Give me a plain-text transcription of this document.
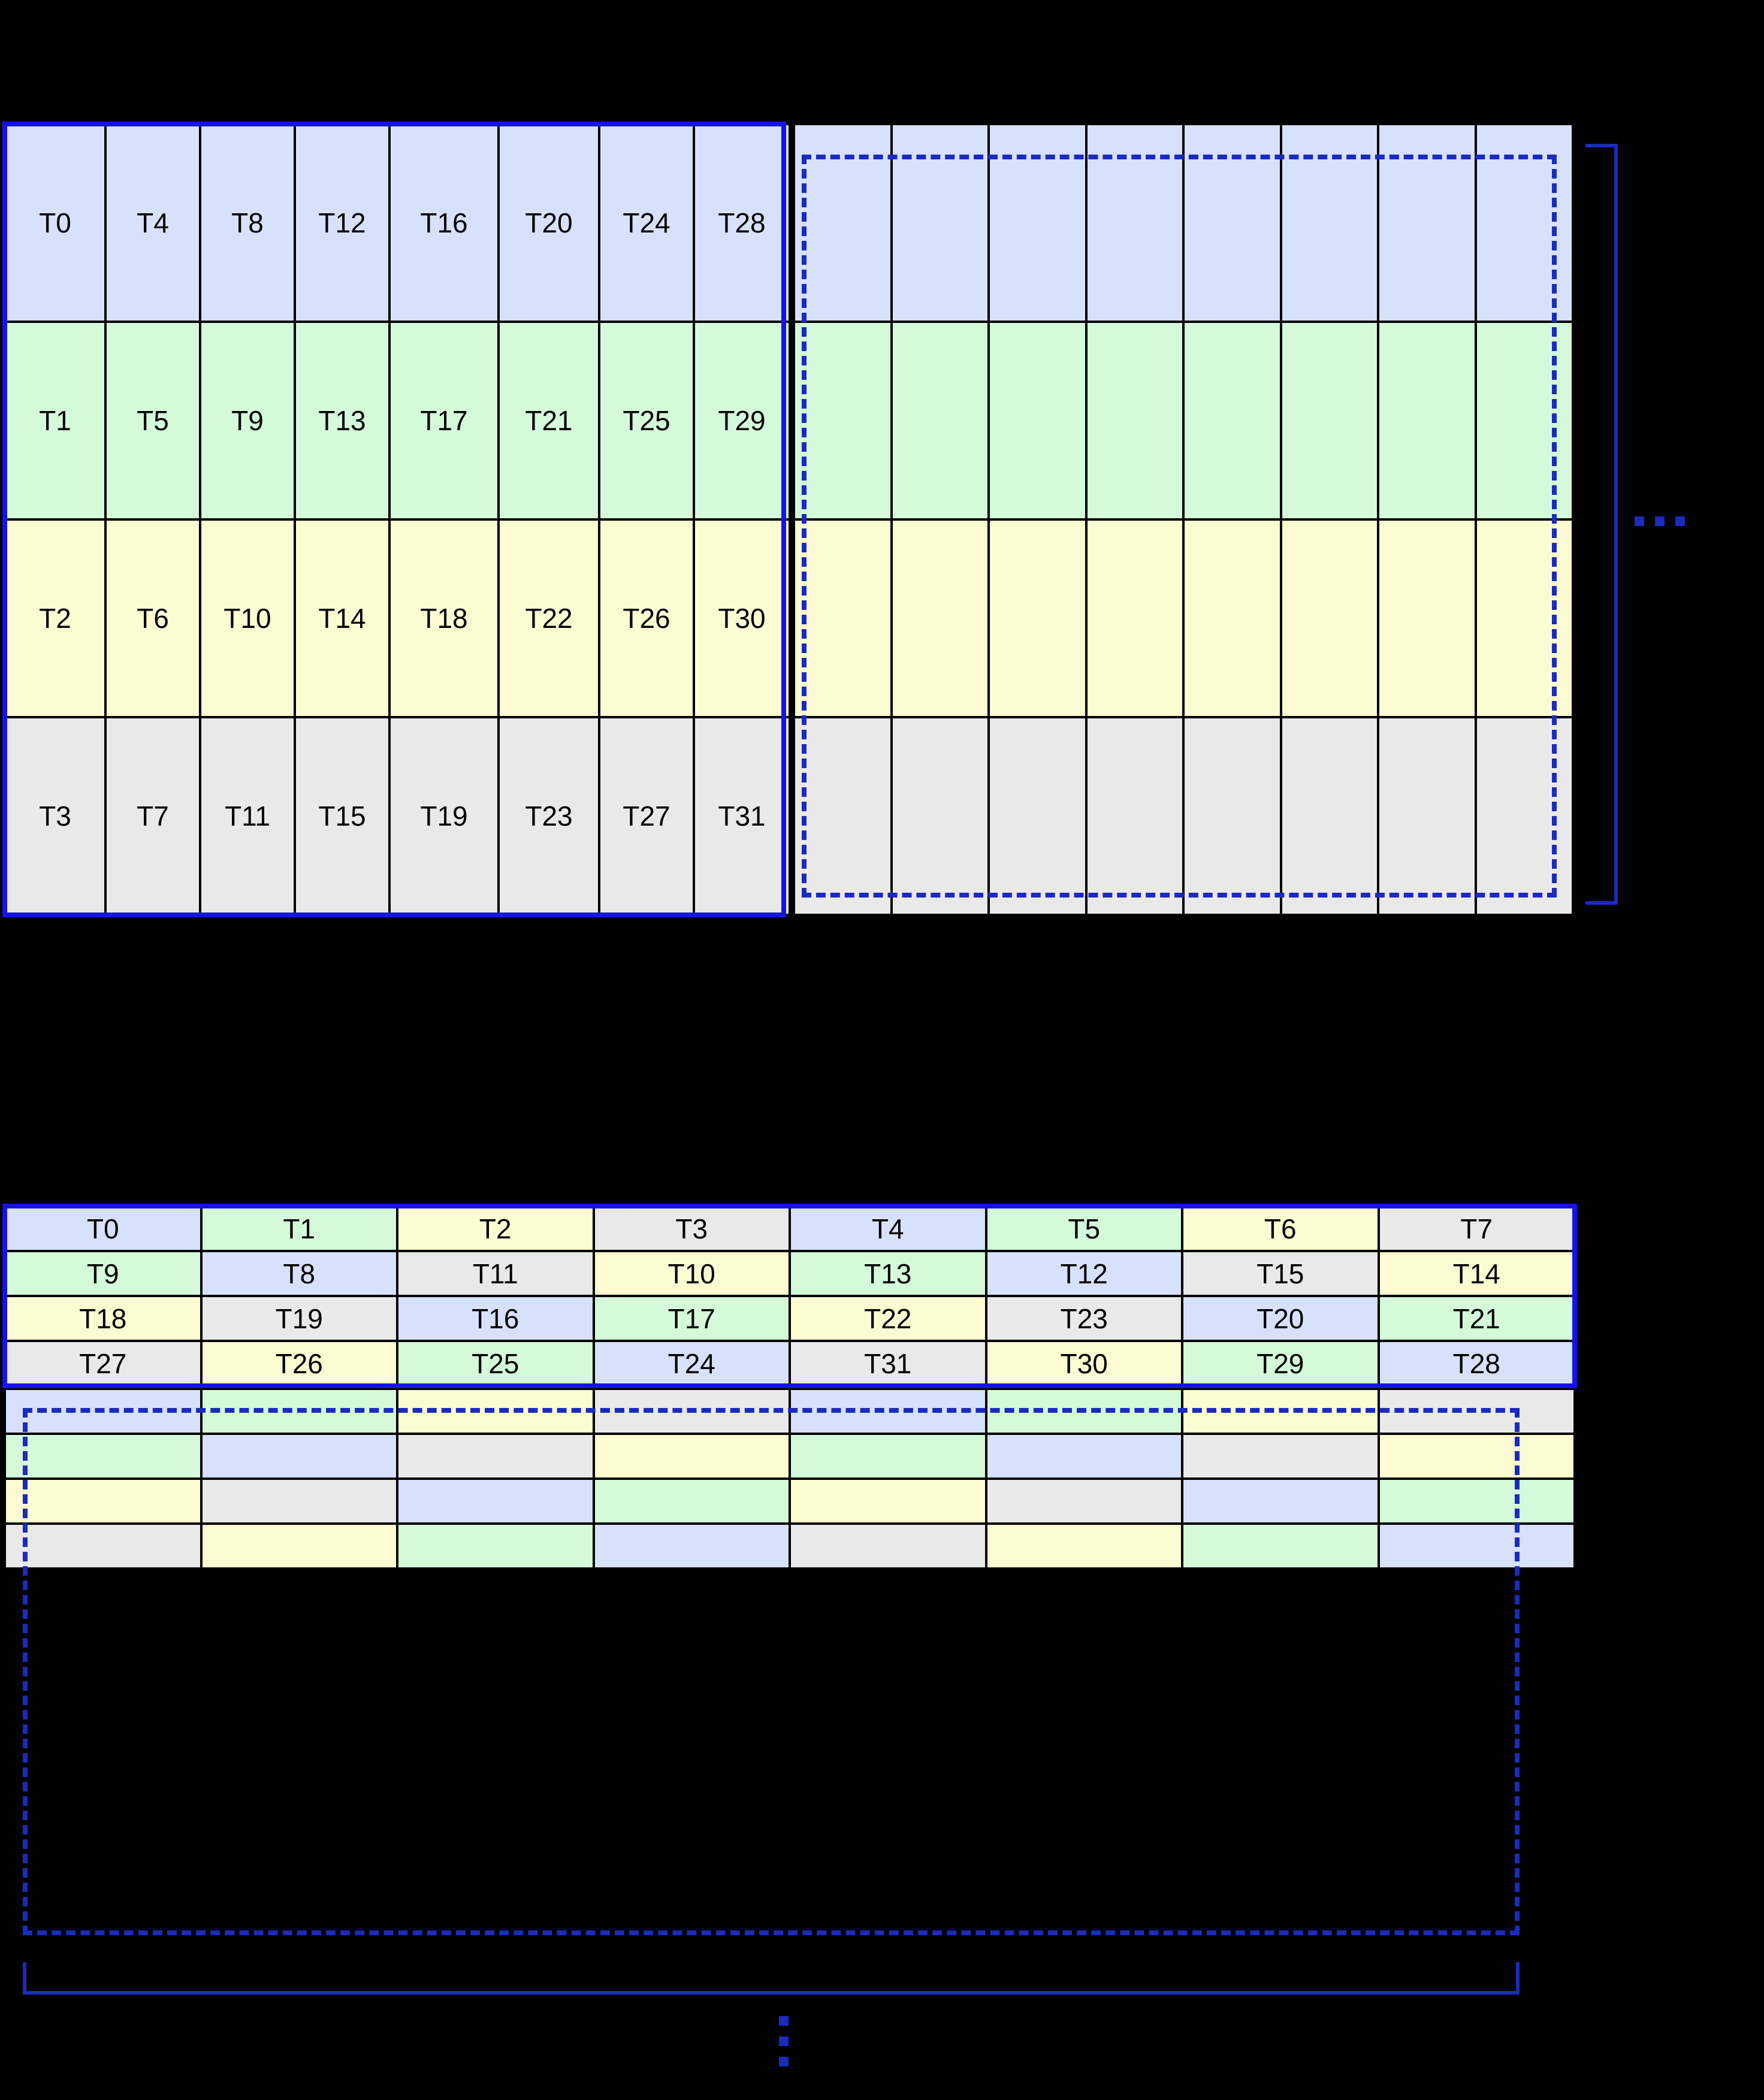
T0	T4	T8	T12	T16	T20	T24	T28
T1	T5	T9	T13	T17	T21	T25	T29
T2	T6	T10	T14	T18	T22	T26	T30
T3	T7	T11	T15	T19	T23	T27	T31
T0	T1	T2	T3	T4	T5	T6	T7
T9	T8	T11	T10	T13	T12	T15	T14
T18	T19	T16	T17	T22	T23	T20	T21
T27	T26	T25	T24	T31	T30	T29	T28
